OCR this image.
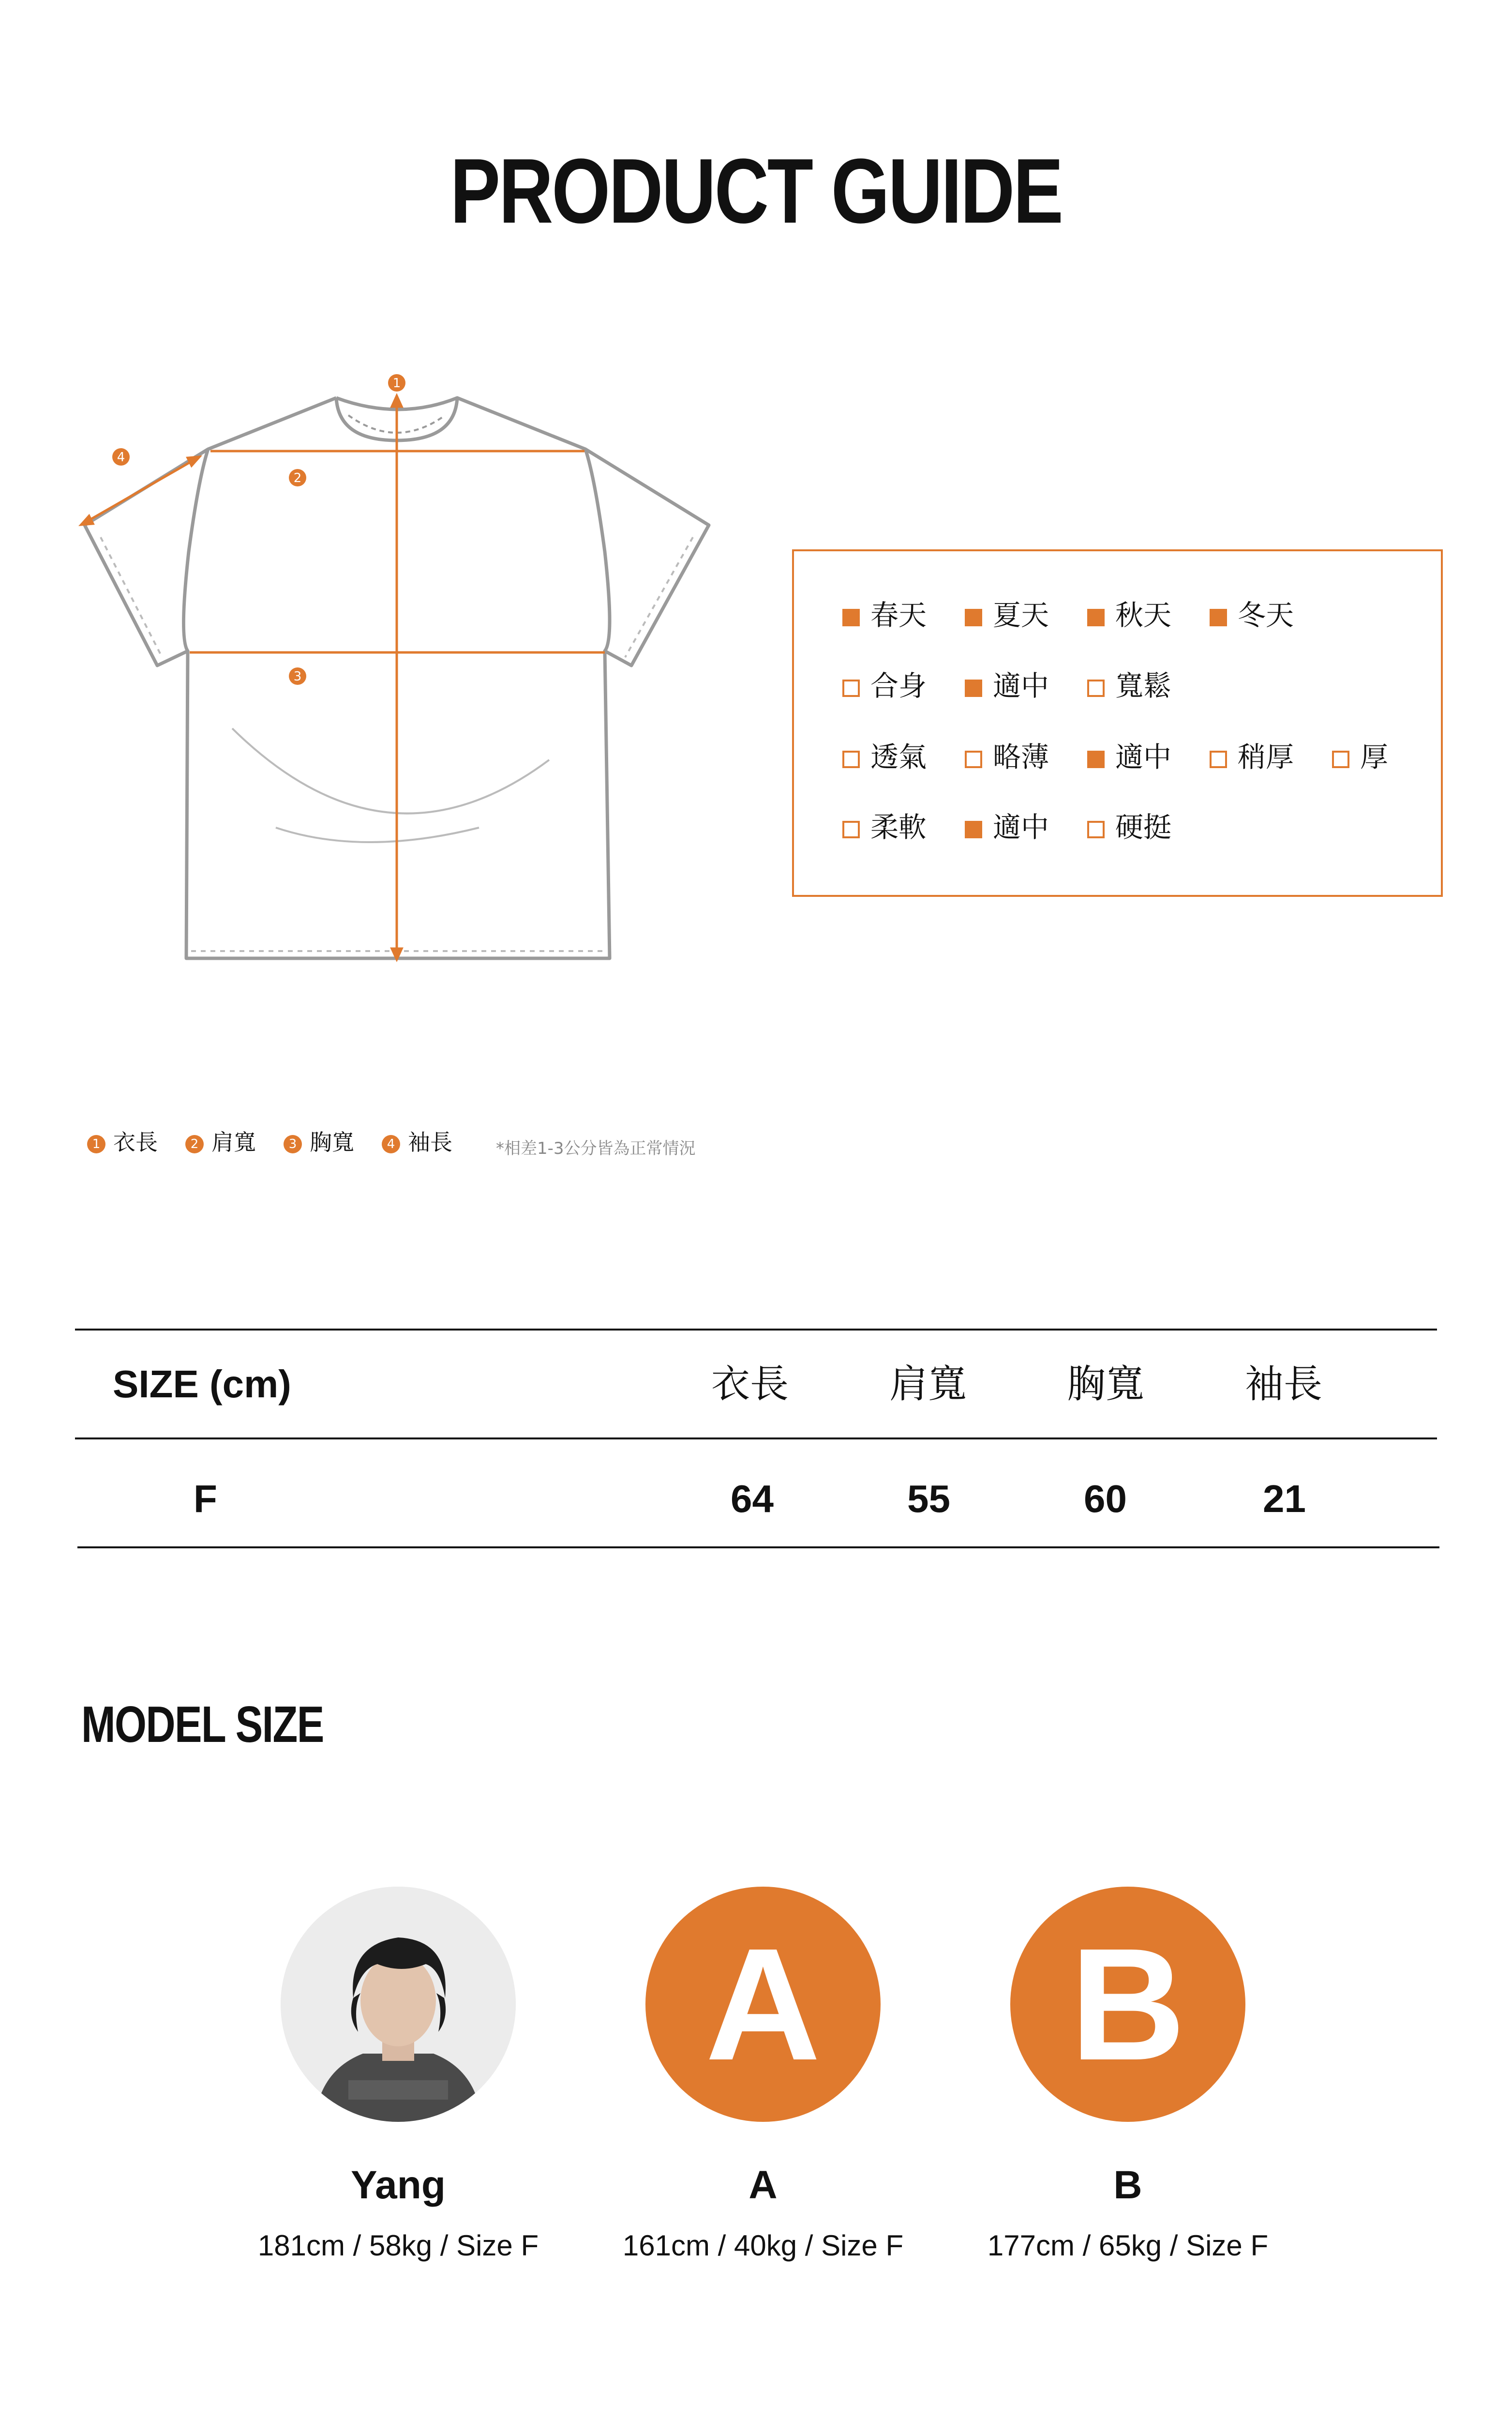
PRODUCT GUIDE
1
2
3
4
春天	夏天	秋天	冬天
合身	適中	寬鬆
透氣	略薄	適中	稍厚	厚
柔軟	適中	硬挺
1 衣長	2 肩寬	3 胸寬	4 袖長	*相差1-3公分皆為正常情況
SIZE (cm)	衣長	肩寬	胸寬	袖長
F	64	55	60	21
MODEL SIZE
A	B
Yang	A	B
181cm / 58kg / Size F	161cm / 40kg / Size F	177cm / 65kg / Size F
